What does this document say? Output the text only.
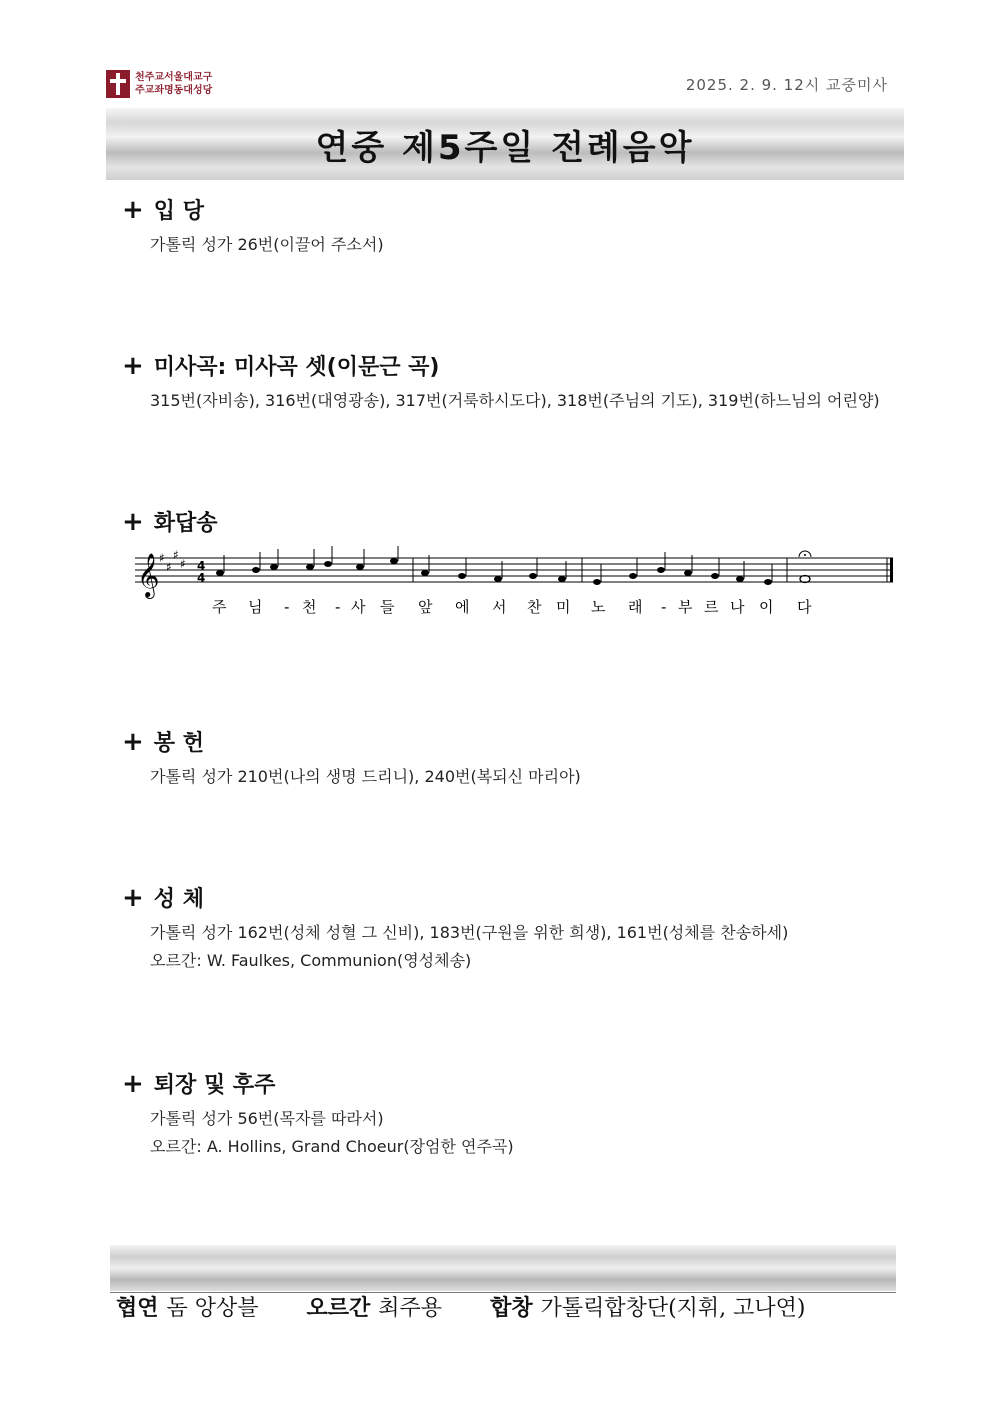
천주교서울대교구
주교좌명동대성당	2025. 2. 9. 12시 교중미사
연중 제5주일 전례음악
+ 입 당
가톨릭 성가 26번(이끌어 주소서)
+ 미사곡: 미사곡 셋(이문근 곡)
315번(자비송), 316번(대영광송), 317번(거룩하시도다), 318번(주님의 기도), 319번(하느님의 어린양)
+ 화답송
𝄞 ♯
♯
♯
♯ 4
4
주 님 - 천 - 사 들 앞 에 서 찬 미 노 래 - 부 르 나 이 다
+ 봉 헌
가톨릭 성가 210번(나의 생명 드리니), 240번(복되신 마리아)
+ 성 체
가톨릭 성가 162번(성체 성혈 그 신비), 183번(구원을 위한 희생), 161번(성체를 찬송하세)
오르간: W. Faulkes, Communion(영성체송)
+ 퇴장 및 후주
가톨릭 성가 56번(목자를 따라서)
오르간: A. Hollins, Grand Choeur(장엄한 연주곡)
협연 돔 앙상블 오르간 최주용 합창 가톨릭합창단(지휘, 고나연)
